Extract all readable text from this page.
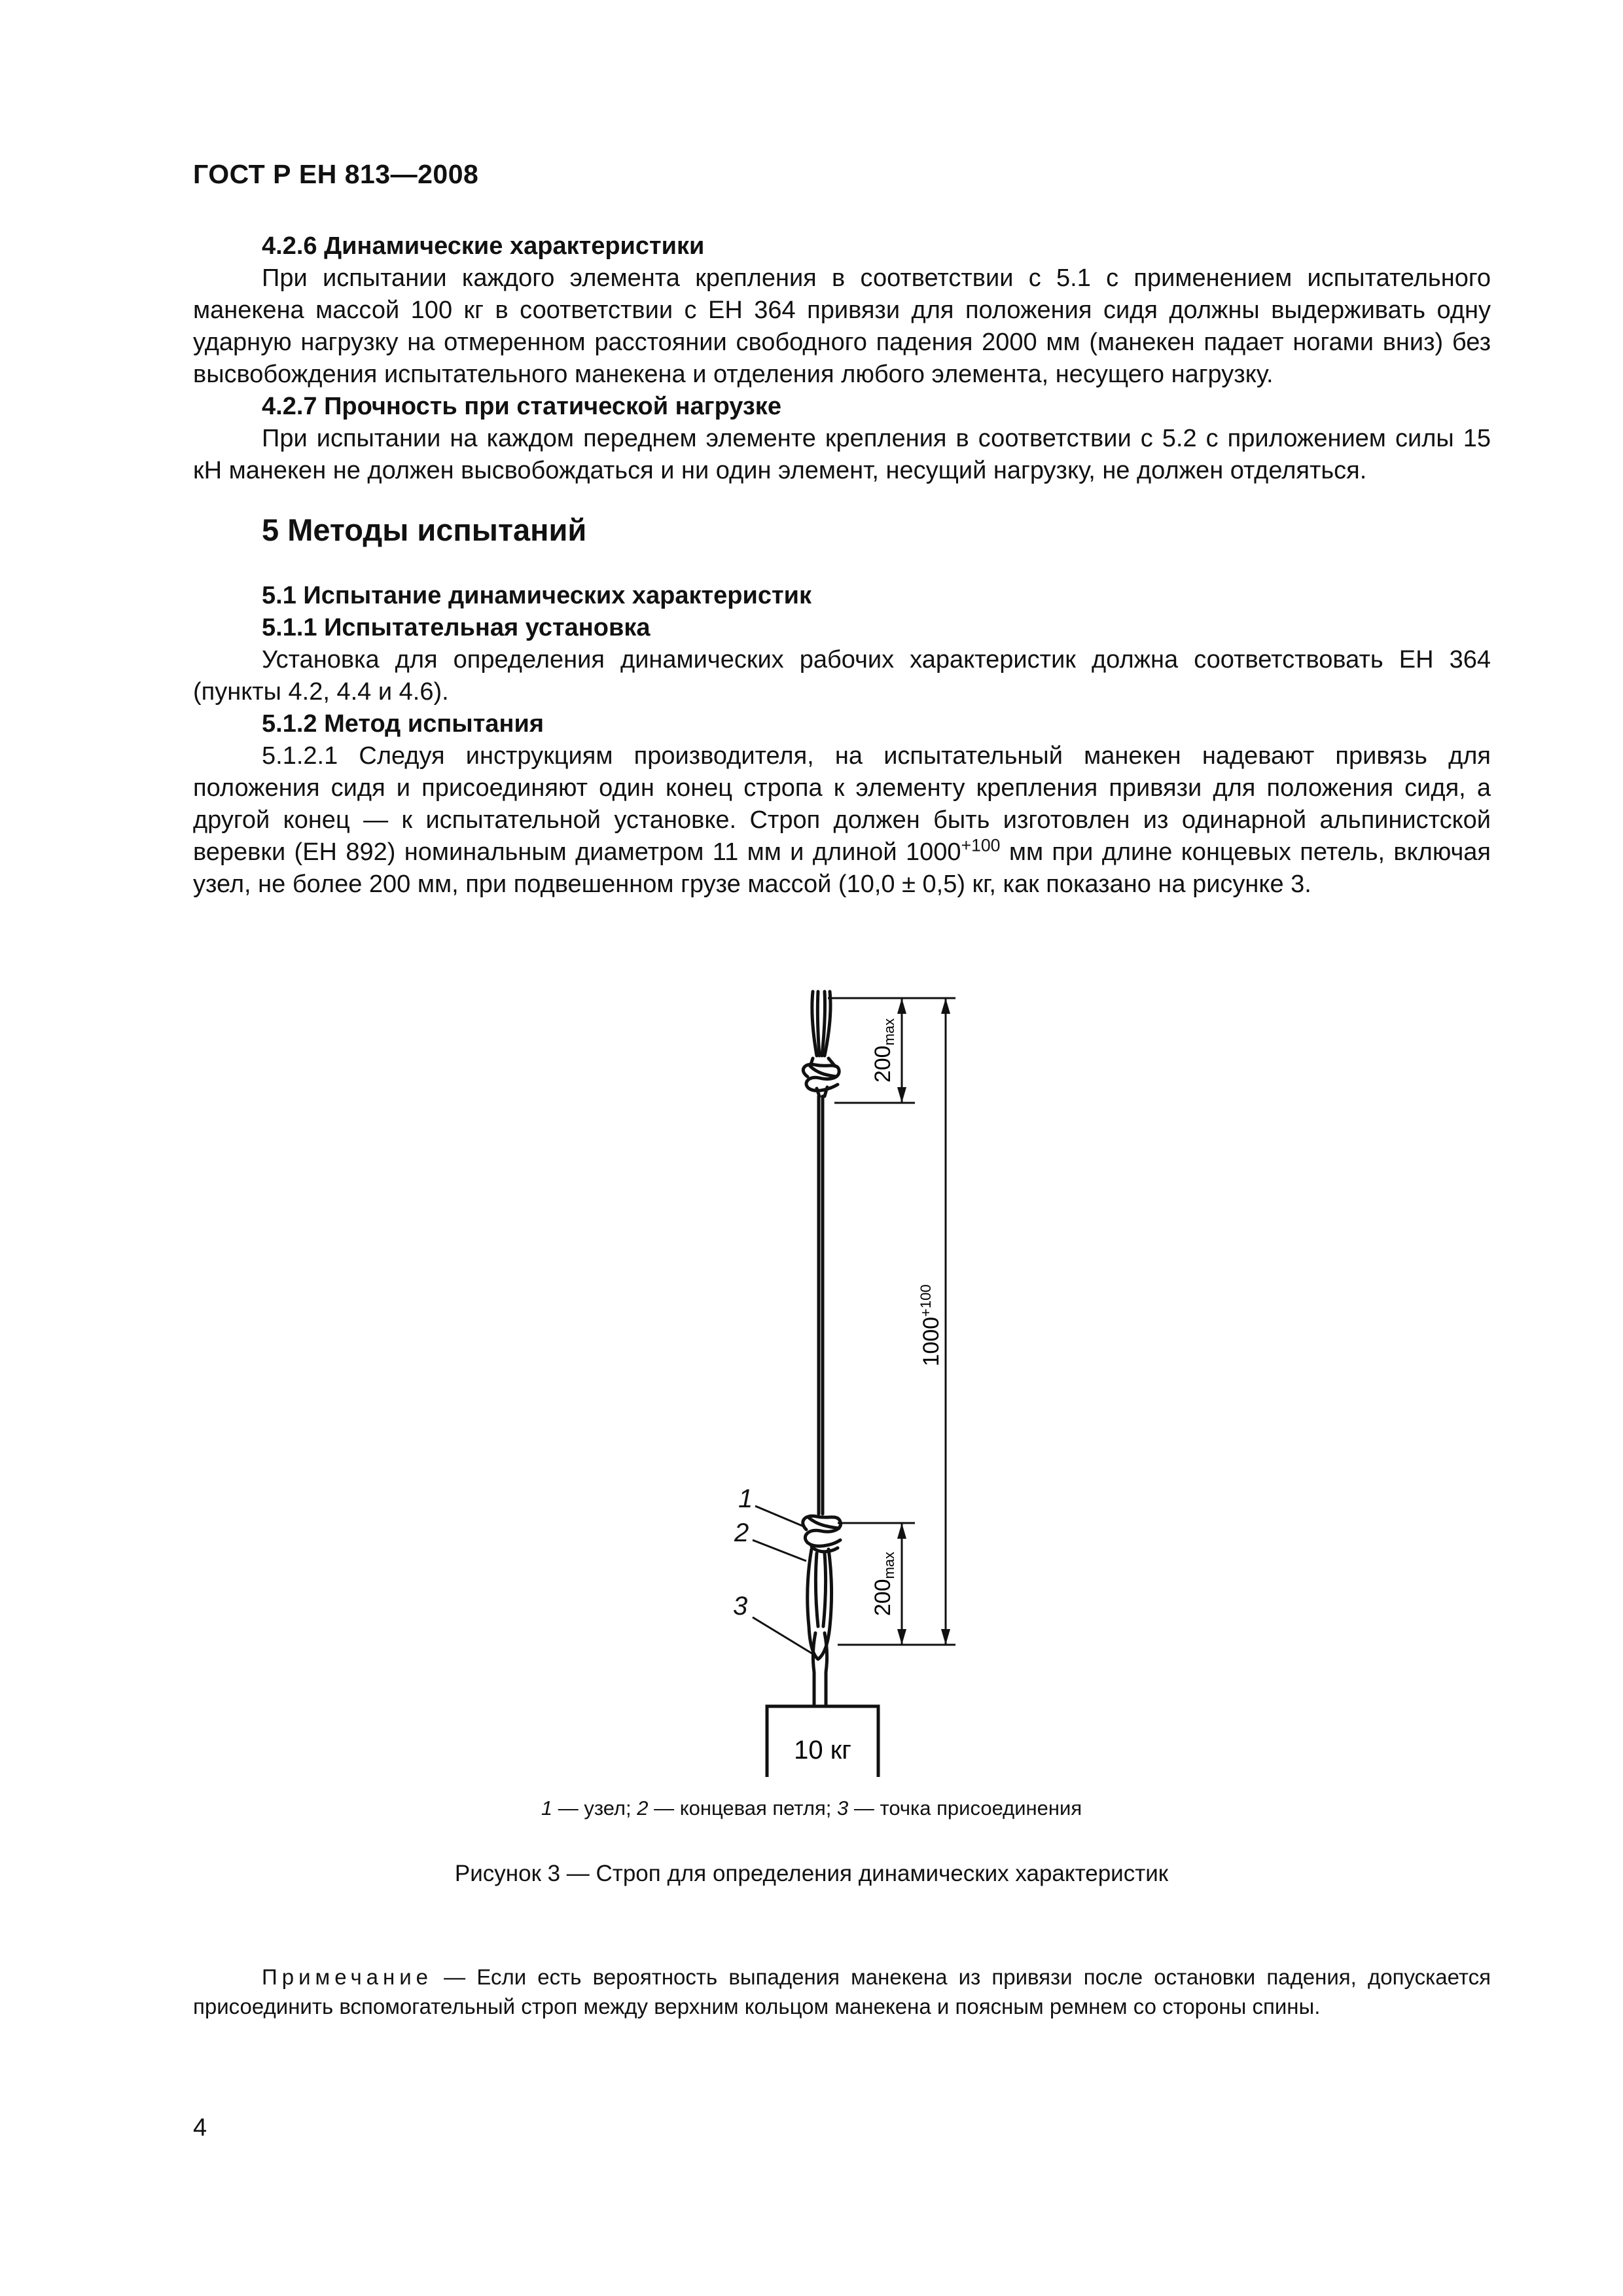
ГОСТ Р ЕН 813—2008
4.2.6 Динамические характеристики
При испытании каждого элемента крепления в соответствии с 5.1 с применением испытательного манекена массой 100 кг в соответствии с ЕН 364 привязи для положения сидя должны выдерживать одну ударную нагрузку на отмеренном расстоянии свободного падения 2000 мм (манекен падает ногами вниз) без высвобождения испытательного манекена и отделения любого элемента, несущего нагрузку.
4.2.7 Прочность при статической нагрузке
При испытании на каждом переднем элементе крепления в соответствии с 5.2 с приложением силы 15 кН манекен не должен высвобождаться и ни один элемент, несущий нагрузку, не должен отделяться.
5 Методы испытаний
5.1 Испытание динамических характеристик
5.1.1 Испытательная установка
Установка для определения динамических рабочих характеристик должна соответствовать ЕН 364 (пункты 4.2, 4.4 и 4.6).
5.1.2 Метод испытания
5.1.2.1 Следуя инструкциям производителя, на испытательный манекен надевают привязь для положения сидя и присоединяют один конец стропа к элементу крепления привязи для положения сидя, а другой конец — к испытательной установке. Строп должен быть изготовлен из одинарной альпинистской веревки (ЕН 892) номинальным диаметром 11 мм и длиной $1000^{+100}$ мм при длине концевых петель, включая узел, не более 200 мм, при подвешенном грузе массой (10,0 ± 0,5) кг, как показано на рисунке 3.
10 кг
200max
$1000^{+100}$
200max
1
2
3
1 — узел; 2 — концевая петля; 3 — точка присоединения
Рисунок 3 — Строп для определения динамических характеристик
Примечание — Если есть вероятность выпадения манекена из привязи после остановки падения, допускается присоединить вспомогательный строп между верхним кольцом манекена и поясным ремнем со стороны спины.
4
